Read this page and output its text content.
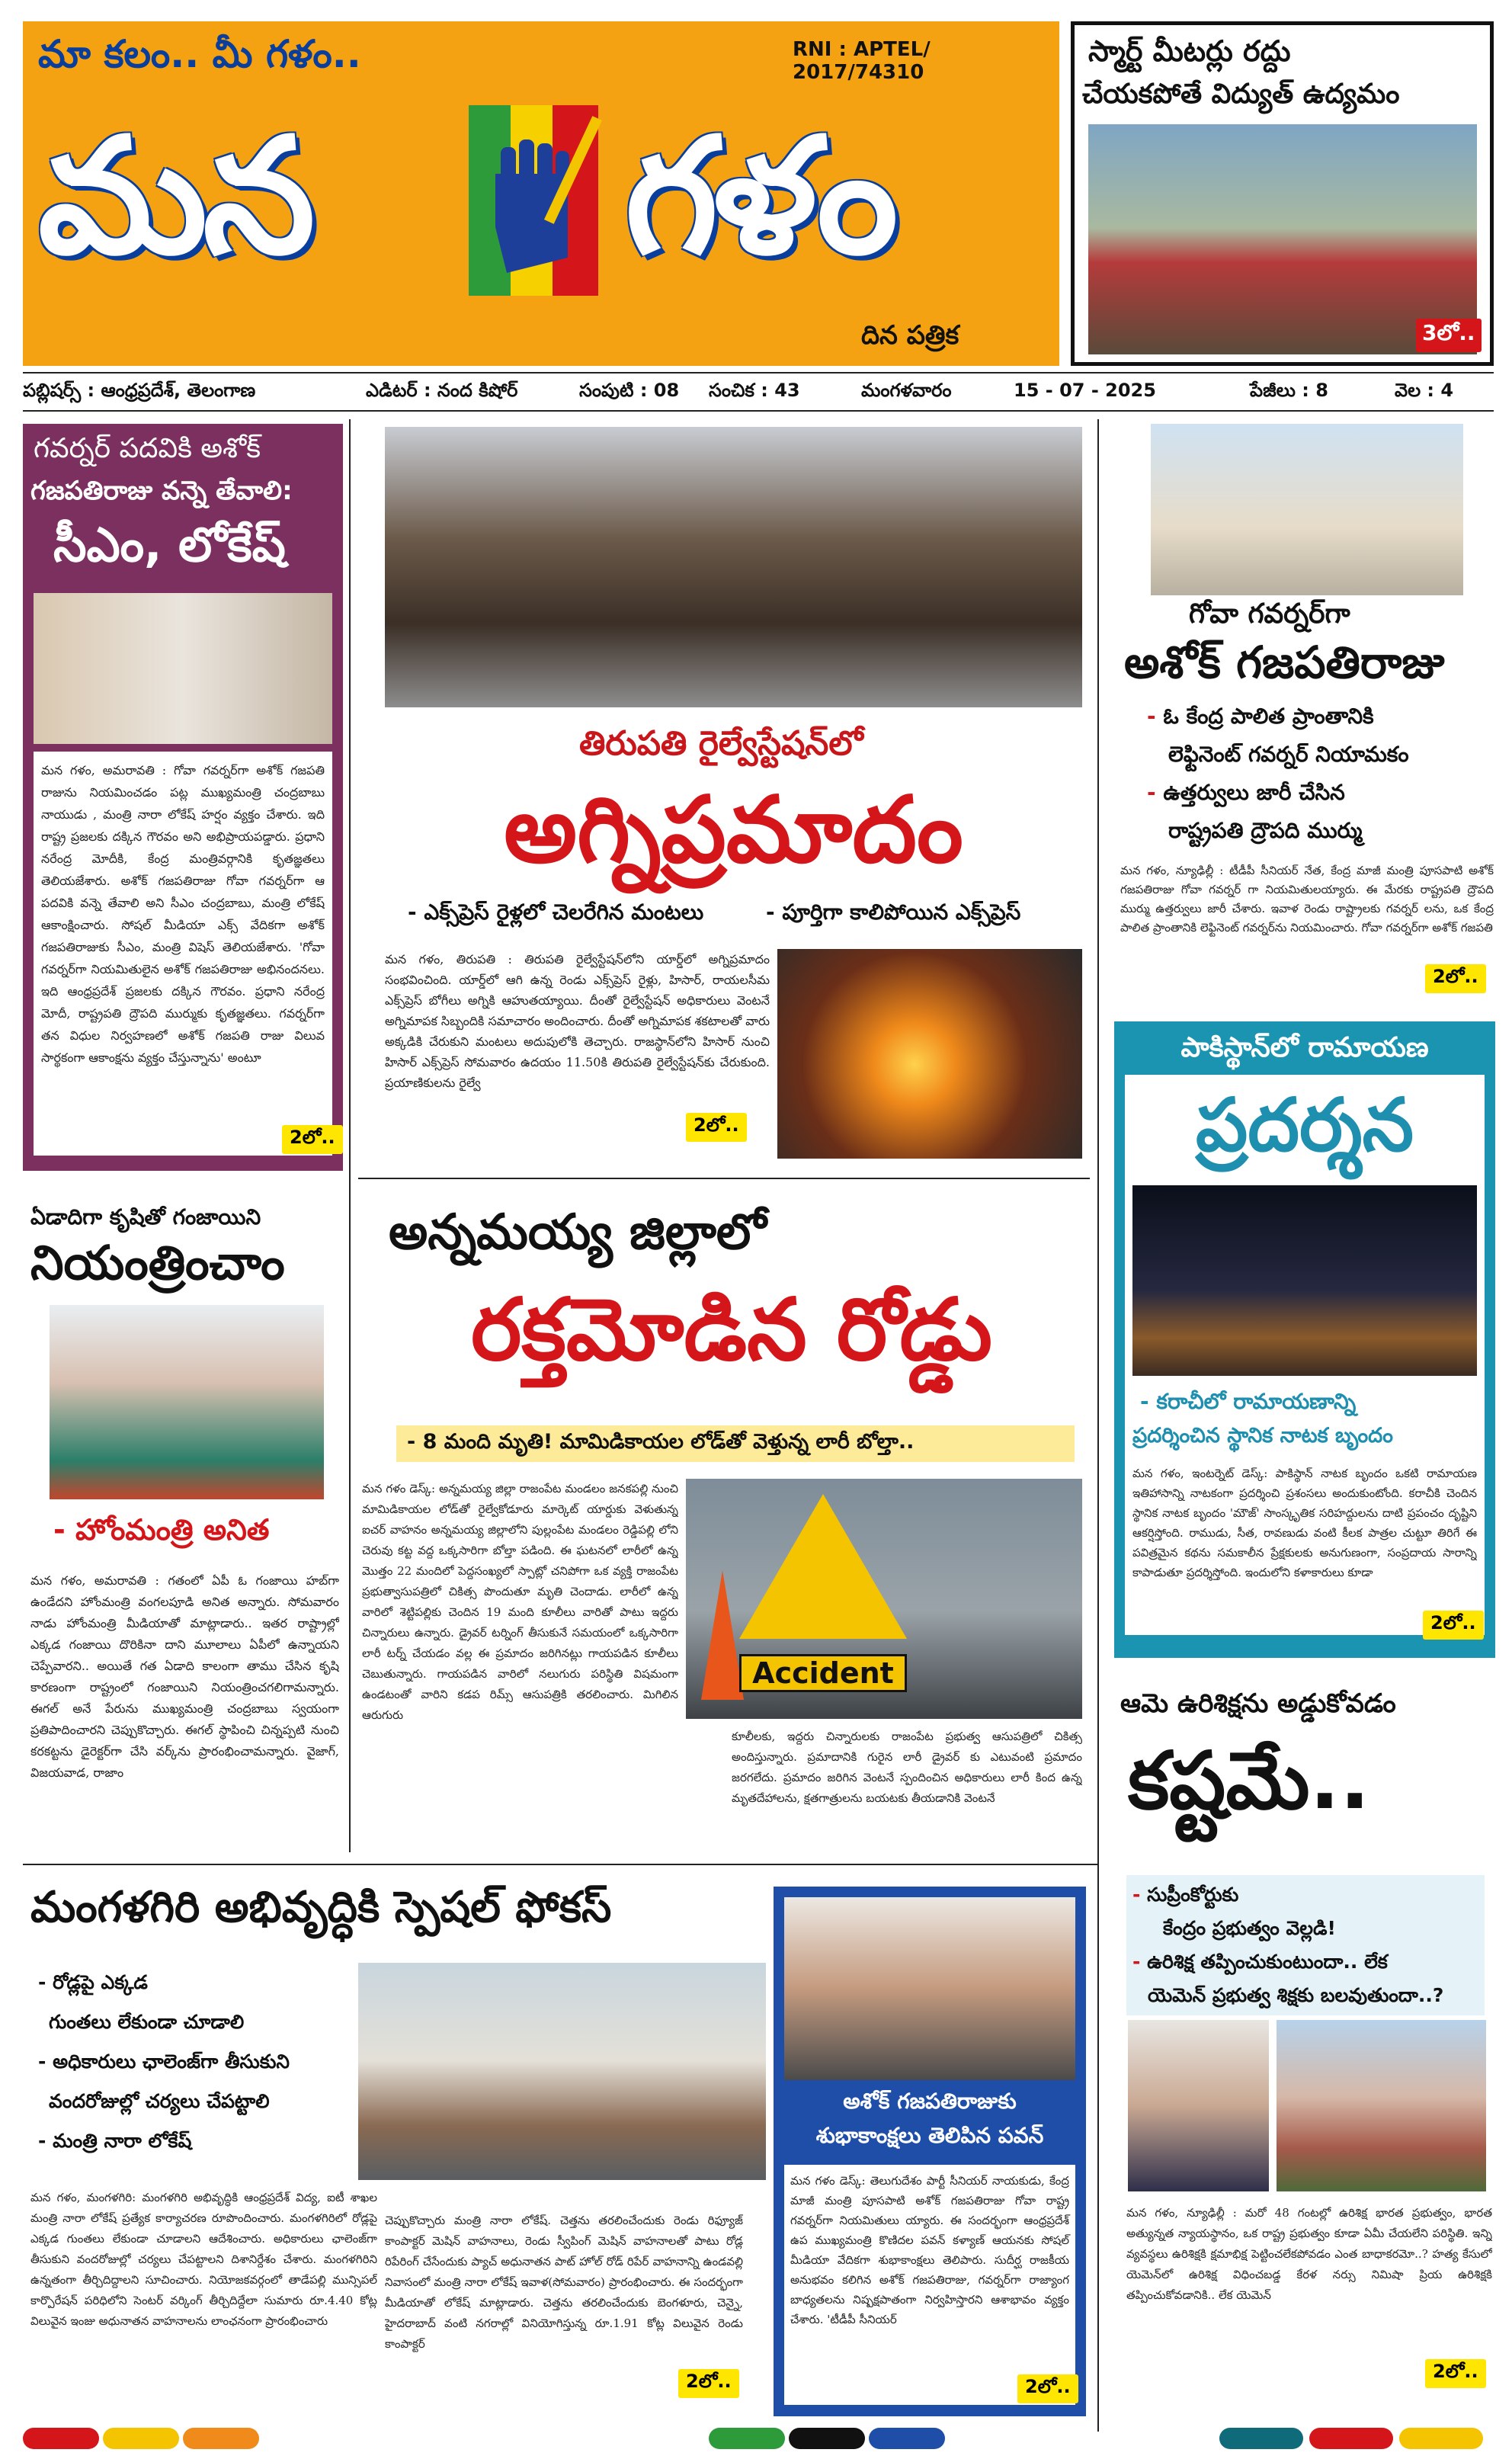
మా కలం.. మీ గళం..	RNI : APTEL/ 2017/74310
మన గళం
దిన పత్రిక
స్మార్ట్ మీటర్లు రద్దు
చేయకపోతే విద్యుత్ ఉద్యమం
3లో..
పబ్లిషర్స్ : ఆంధ్రప్రదేశ్, తెలంగాణ	ఎడిటర్ : నంద కిషోర్	సంపుటి : 08 సంచిక : 43	మంగళవారం	15 - 07 - 2025	పేజీలు : 8	వెల : 4
గవర్నర్ పదవికి అశోక్
గజపతిరాజు వన్నె తేవాలి:
సీఎం, లోకేష్
మన గళం, అమరావతి : గోవా గవర్నర్‌గా అశోక్ గజపతి రాజును నియమించడం పట్ల ముఖ్యమంత్రి చంద్రబాబు నాయుడు , మంత్రి నారా లోకేష్ హర్షం వ్యక్తం చేశారు. ఇది రాష్ట్ర ప్రజలకు దక్కిన గౌరవం అని అభిప్రాయపడ్డారు. ప్రధాని నరేంద్ర మోదీకి, కేంద్ర మంత్రివర్గానికి కృతజ్ఞతలు తెలియజేశారు. అశోక్ గజపతిరాజు గోవా గవర్నర్‌గా ఆ పదవికి వన్నె తేవాలి అని సీఎం చంద్రబాబు, మంత్రి లోకేష్ ఆకాంక్షించారు. సోషల్ మీడియా ఎక్స్ వేదికగా అశోక్ గజపతిరాజుకు సీఎం, మంత్రి విషెస్ తెలియజేశారు. 'గోవా గవర్నర్‌గా నియమితులైన అశోక్ గజపతిరాజు అభినందనలు. ఇది ఆంధ్రప్రదేశ్ ప్రజలకు దక్కిన గౌరవం. ప్రధాని నరేంద్ర మోదీ, రాష్ట్రపతి ద్రౌపది ముర్ముకు కృతజ్ఞతలు. గవర్నర్‌గా తన విధుల నిర్వహణలో అశోక్ గజపతి రాజు విలువ సార్థకంగా ఆకాంక్షను వ్యక్తం చేస్తున్నాను' అంటూ
2లో..
తిరుపతి రైల్వేస్టేషన్‌లో
అగ్నిప్రమాదం
- ఎక్స్‌ప్రెస్ రైళ్లలో చెలరేగిన మంటలు	- పూర్తిగా కాలిపోయిన ఎక్స్‌ప్రెస్
మన గళం, తిరుపతి : తిరుపతి రైల్వేస్టేషన్‌లోని యార్డ్‌లో అగ్నిప్రమాదం సంభవించింది. యార్డ్‌లో ఆగి ఉన్న రెండు ఎక్స్‌ప్రెస్ రైళ్లు, హిసార్, రాయలసీమ ఎక్స్‌ప్రెస్‌ బోగీలు అగ్నికి ఆహుతయ్యాయి. దీంతో రైల్వేస్టేషన్ అధికారులు వెంటనే అగ్నిమాపక సిబ్బందికి సమాచారం అందించారు. దీంతో అగ్నిమాపక శకటాలతో వారు అక్కడికి చేరుకుని మంటలు అదుపులోకి తెచ్చారు. రాజస్థాన్‌లోని హిసార్ నుంచి హిసార్ ఎక్స్‌ప్రెస్ సోమవారం ఉదయం 11.50కి తిరుపతి రైల్వేస్టేషన్‌కు చేరుకుంది. ప్రయాణికులను రైల్వే
2లో..
గోవా గవర్నర్‌గా
అశోక్ గజపతిరాజు
- ఓ కేంద్ర పాలిత ప్రాంతానికి
లెఫ్టినెంట్ గవర్నర్ నియామకం
- ఉత్తర్వులు జారీ చేసిన
రాష్ట్రపతి ద్రౌపది ముర్ము
మన గళం, న్యూఢిల్లీ : టీడీపీ సీనియర్ నేత, కేంద్ర మాజీ మంత్రి పూసపాటి అశోక్ గజపతిరాజు గోవా గవర్నర్ గా నియమితులయ్యారు. ఈ మేరకు రాష్ట్రపతి ద్రౌపది ముర్ము ఉత్తర్వులు జారీ చేశారు. ఇవాళ రెండు రాష్ట్రాలకు గవర్నర్ లను, ఒక కేంద్ర పాలిత ప్రాంతానికి లెఫ్టినెంట్ గవర్నర్‌ను నియమించారు. గోవా గవర్నర్‌గా అశోక్ గజపతి
2లో..
ఏడాదిగా కృషితో గంజాయిని
నియంత్రించాం
- హోంమంత్రి అనిత
మన గళం, అమరావతి : గతంలో ఏపీ ఓ గంజాయి హబ్‌గా ఉండేదని హోంమంత్రి వంగలపూడి అనిత అన్నారు. సోమవారం నాడు హోంమంత్రి మీడియాతో మాట్లాడారు.. ఇతర రాష్ట్రాల్లో ఎక్కడ గంజాయి దొరికినా దాని మూలాలు ఏపీలో ఉన్నాయని చెప్పేవారని.. అయితే గత ఏడాది కాలంగా తాము చేసిన కృషి కారణంగా రాష్ట్రంలో గంజాయిని నియంత్రించగలిగామన్నారు. ఈగల్ అనే పేరును ముఖ్యమంత్రి చంద్రబాబు స్వయంగా ప్రతిపాదించారని చెప్పుకొచ్చారు. ఈగల్ స్థాపించి చిన్నప్పటి నుంచి కరకట్టను డైరెక్టర్‌గా చేసి వర్క్‌ను ప్రారంభించామన్నారు. వైజాగ్, విజయవాడ, రాజాం
అన్నమయ్య జిల్లాలో
రక్తమోడిన రోడ్డు
- 8 మంది మృతి! మామిడికాయల లోడ్‌తో వెళ్తున్న లారీ బోల్తా..
మన గళం డెస్క్: అన్నమయ్య జిల్లా రాజంపేట మండలం జనకపల్లి నుంచి మామిడికాయల లోడ్‌తో రైల్వేకోడూరు మార్కెట్ యార్డుకు వెళుతున్న ఐచర్ వాహనం అన్నమయ్య జిల్లాలోని పుల్లంపేట మండలం రెడ్డిపల్లి లోని చెరువు కట్ట వద్ద ఒక్కసారిగా బోల్తా పడింది. ఈ ఘటనలో లారీలో ఉన్న మొత్తం 22 మందిలో పెద్దసంఖ్యలో స్పాట్లో చనిపోగా ఒక వ్యక్తి రాజంపేట ప్రభుత్వాసుపత్రిలో చికిత్స పొందుతూ మృతి చెందాడు. లారీలో ఉన్న వారిలో శెట్టిపల్లికు చెందిన 19 మంది కూలీలు వారితో పాటు ఇద్దరు చిన్నారులు ఉన్నారు. డ్రైవర్ టర్నింగ్ తీసుకునే సమయంలో ఒక్కసారిగా లారీ టర్న్ చేయడం వల్ల ఈ ప్రమాదం జరిగినట్లు గాయపడిన కూలీలు చెబుతున్నారు. గాయపడిన వారిలో నలుగురు పరిస్థితి విషమంగా ఉండటంతో వారిని కడప రిమ్స్ ఆసుపత్రికి తరలించారు. మిగిలిన ఆరుగురు
Accident
కూలీలకు, ఇద్దరు చిన్నారులకు రాజంపేట ప్రభుత్వ ఆసుపత్రిలో చికిత్స అందిస్తున్నారు. ప్రమాదానికి గురైన లారీ డ్రైవర్ కు ఎటువంటి ప్రమాదం జరగలేదు. ప్రమాదం జరిగిన వెంటనే స్పందించిన అధికారులు లారీ కింద ఉన్న మృతదేహాలను, క్షతగాత్రులను బయటకు తీయడానికి వెంటనే
పాకిస్థాన్‌లో రామాయణ
ప్రదర్శన
- కరాచీలో రామాయణాన్ని
ప్రదర్శించిన స్థానిక నాటక బృందం
మన గళం, ఇంటర్నెట్ డెస్క్: పాకిస్థాన్ నాటక బృందం ఒకటి రామాయణ ఇతిహాసాన్ని నాటకంగా ప్రదర్శించి ప్రశంసలు అందుకుంటోంది. కరాచీకి చెందిన స్థానిక నాటక బృందం 'మౌజ్' సాంస్కృతిక సరిహద్దులను దాటి ప్రపంచం దృష్టిని ఆకర్షిస్తోంది. రాముడు, సీత, రావణుడు వంటి కీలక పాత్రల చుట్టూ తిరిగే ఈ పవిత్రమైన కథను సమకాలీన ప్రేక్షకులకు అనుగుణంగా, సంప్రదాయ సారాన్ని కాపాడుతూ ప్రదర్శిస్తోంది. ఇందులోని కళాకారులు కూడా
2లో..
ఆమె ఉరిశిక్షను అడ్డుకోవడం
కష్టమే..
- సుప్రీంకోర్టుకు
కేంద్రం ప్రభుత్వం వెల్లడి!
- ఉరిశిక్ష తప్పించుకుంటుందా.. లేక
యెమెన్ ప్రభుత్వ శిక్షకు బలవుతుందా..?
మన గళం, న్యూఢిల్లీ : మరో 48 గంటల్లో ఉరిశిక్ష భారత ప్రభుత్వం, భారత అత్యున్నత న్యాయస్థానం, ఒక రాష్ట్ర ప్రభుత్వం కూడా ఏమీ చేయలేని పరిస్థితి. ఇన్ని వ్యవస్థలు ఉరిశిక్షకి క్షమాభిక్ష పెట్టించలేకపోవడం ఎంత బాధాకరమో..? హత్య కేసులో యెమెన్‌లో ఉరిశిక్ష విధించబడ్డ కేరళ నర్సు నిమిషా ప్రియ ఉరిశిక్షకి తప్పించుకోవడానికి.. లేక యెమెన్
2లో..
మంగళగిరి అభివృద్ధికి స్పెషల్ ఫోకస్
- రోడ్లపై ఎక్కడ
గుంతలు లేకుండా చూడాలి
- అధికారులు ఛాలెంజ్‌గా తీసుకుని
వందరోజుల్లో చర్యలు చేపట్టాలి
- మంత్రి నారా లోకేష్
మన గళం, మంగళగిరి: మంగళగిరి అభివృద్ధికి ఆంధ్రప్రదేశ్ విద్య, ఐటీ శాఖల మంత్రి నారా లోకేష్ ప్రత్యేక కార్యాచరణ రూపొందించారు. మంగళగిరిలో రోడ్లపై ఎక్కడ గుంతలు లేకుండా చూడాలని ఆదేశించారు. అధికారులు ఛాలెంజ్‌గా తీసుకుని వందరోజుల్లో చర్యలు చేపట్టాలని దిశానిర్దేశం చేశారు. మంగళగిరిని ఉన్నతంగా తీర్చిదిద్దాలని సూచించారు. నియోజకవర్గంలో తాడేపల్లి మున్సిపల్ కార్పొరేషన్ పరిధిలోని సెంటర్ వర్కింగ్ తీర్చిదిద్దేలా సుమారు రూ.4.40 కోట్ల విలువైన ఇంజు అధునాతన వాహనాలను లాంఛనంగా ప్రారంభించారు
చెప్పుకొచ్చారు మంత్రి నారా లోకేష్. చెత్తను తరలించేందుకు రెండు రిఫ్యూజ్ కాంపాక్టర్ మెషిన్ వాహనాలు, రెండు స్వీపింగ్ మెషిన్ వాహనాలతో పాటు రోడ్ల రిపేరింగ్ చేసేందుకు ప్యాచ్ అధునాతన పాట్ హోల్ రోడ్ రిపేర్ వాహనాన్ని ఉండవల్లి నివాసంలో మంత్రి నారా లోకేష్ ఇవాళ(సోమవారం) ప్రారంభించారు. ఈ సందర్భంగా మీడియాతో లోకేష్ మాట్లాడారు. చెత్తను తరలించేందుకు బెంగళూరు, చెన్నై, హైదరాబాద్ వంటి నగరాల్లో వినియోగిస్తున్న రూ.1.91 కోట్ల విలువైన రెండు కాంపాక్టర్
2లో..
అశోక్ గజపతిరాజుకు
శుభాకాంక్షలు తెలిపిన పవన్
మన గళం డెస్క్: తెలుగుదేశం పార్టీ సీనియర్ నాయకుడు, కేంద్ర మాజీ మంత్రి పూసపాటి అశోక్ గజపతిరాజు గోవా రాష్ట్ర గవర్నర్‌గా నియమితులు య్యారు. ఈ సందర్భంగా ఆంధ్రప్రదేశ్ ఉప ముఖ్యమంత్రి కొణిదల పవన్ కళ్యాణ్ ఆయనకు సోషల్ మీడియా వేదికగా శుభాకాంక్షలు తెలిపారు. సుదీర్ఘ రాజకీయ అనుభవం కలిగిన అశోక్ గజపతిరాజు, గవర్నర్‌గా రాజ్యాంగ బాధ్యతలను నిష్పక్షపాతంగా నిర్వహిస్తారని ఆశాభావం వ్యక్తం చేశారు. 'టీడీపీ సీనియర్
2లో..
